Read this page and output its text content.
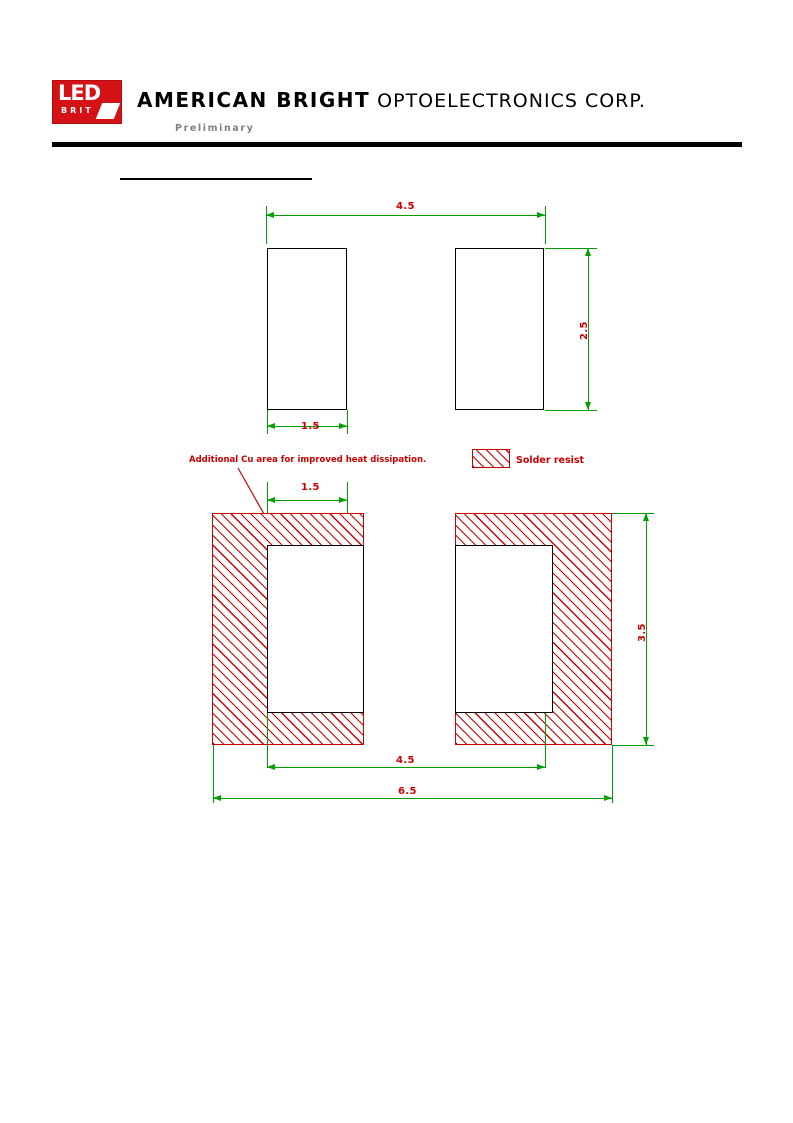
LED
BRIT AMERICAN BRIGHT OPTOELECTRONICS CORP.
Preliminary
4.5
2.5
1.5
Additional Cu area for improved heat dissipation.	Solder resist
1.5
3.5
4.5
6.5
